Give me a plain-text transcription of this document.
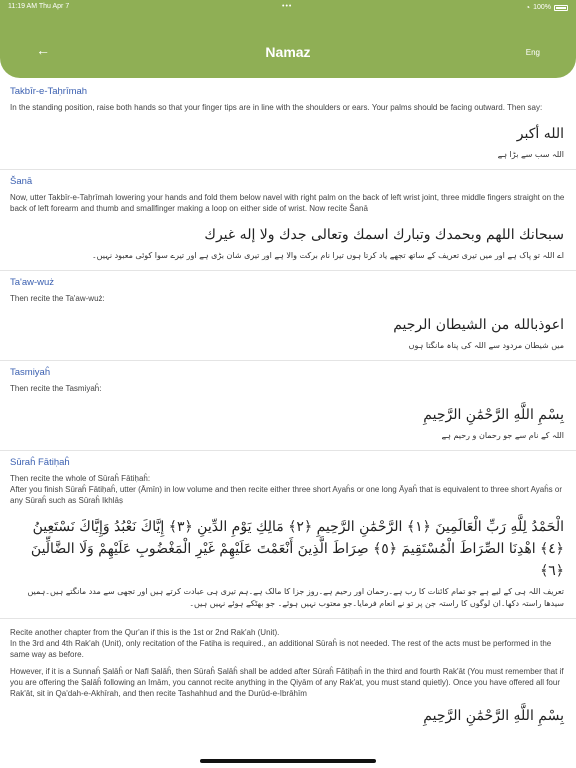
11:19 AM Thu Apr 7	•••	◔ 100%
←	Namaz	Eng
Takbīr-e-Taḥrīmah
In the standing position, raise both hands so that your finger tips are in line with the shoulders or ears. Your palms should be facing outward. Then say:
الله أكبر
اللہ سب سے بڑا ہے
Šanā
Now, utter Takbīr-e-Taḥrīmah lowering your hands and fold them below navel with right palm on the back of left wrist joint, three middle fingers straight on the back of left forearm and thumb and smallfinger making a loop on either side of wrist. Now recite Šanā
سبحانك اللهم وبحمدك وتبارك اسمك وتعالى جدك ولا إله غيرك
اے اللہ تو پاک ہے اور میں تیری تعریف کے ساتھ تجھے یاد کرتا ہوں تیرا نام برکت والا ہے اور تیری شان بڑی ہے اور تیرے سوا کوئی معبود نہیں۔
Ta'aw-wuż
Then recite the Ta'aw-wuż:
اعوذبالله من الشيطان الرجيم
میں شیطان مردود سے اللہ کی پناہ مانگتا ہوں
Tasmiyaĥ
Then recite the Tasmiyaĥ:
بِسْمِ اللَّهِ الرَّحْمَٰنِ الرَّحِيمِ
اللہ کے نام سے جو رحمان و رحیم ہے
Sūraĥ Fātiḥaĥ
Then recite the whole of Sūraĥ Fātiḥaĥ:
After you finish Sūraĥ Fātiḥaĥ, utter (Āmīn) in low volume and then recite either three short Ayaĥs or one long Āyaĥ that is equivalent to three short Ayaĥs or any Sūraĥ such as Sūraĥ Ikhlāṣ
الْحَمْدُ لِلَّهِ رَبِّ الْعَالَمِينَ ﴿١﴾ الرَّحْمَٰنِ الرَّحِيمِ ﴿٢﴾ مَالِكِ يَوْمِ الدِّينِ ﴿٣﴾ إِيَّاكَ نَعْبُدُ وَإِيَّاكَ نَسْتَعِينُ ﴿٤﴾ اهْدِنَا الصِّرَاطَ الْمُسْتَقِيمَ ﴿٥﴾ صِرَاطَ الَّذِينَ أَنْعَمْتَ عَلَيْهِمْ غَيْرِ الْمَغْضُوبِ عَلَيْهِمْ وَلَا الضَّالِّينَ ﴿٦﴾
تعریف اللہ ہی کے لیے ہے جو تمام کائنات کا رب ہے۔رحمان اور رحیم ہے۔روز جزا کا مالک ہے۔ہم تیری ہی عبادت کرتے ہیں اور تجھی سے مدد مانگتے ہیں۔ہمیں سیدھا راستہ دکھا۔ان لوگوں کا راستہ جن پر تو نے انعام فرمایا۔جو معتوب نہیں ہوئے۔ جو بھٹکے ہوئے نہیں ہیں۔

Recite another chapter from the Qur'an if this is the 1st or 2nd Rak'ah (Unit).
In the 3rd and 4th Rak'ah (Unit), only recitation of the Fatiha is required., an additional Sūraĥ is not needed. The rest of the acts must be performed in the same way as before.

However, if it is a Sunnaĥ Ṣalāĥ or Nafl Ṣalāĥ, then Sūraĥ Ṣalāĥ shall be added after Sūraĥ Fātiḥaĥ in the third and fourth Rak'āt (You must remember that if you are offering the Ṣalāĥ following an Imām, you cannot recite anything in the Qiyām of any Rak'at, you must stand quietly). Once you have offered all four Rak'āt, sit in Qa'dah-e-Akhīrah, and then recite Tashahhud and the Durūd-e-Ibrāhīm

بِسْمِ اللَّهِ الرَّحْمَٰنِ الرَّحِيمِ
